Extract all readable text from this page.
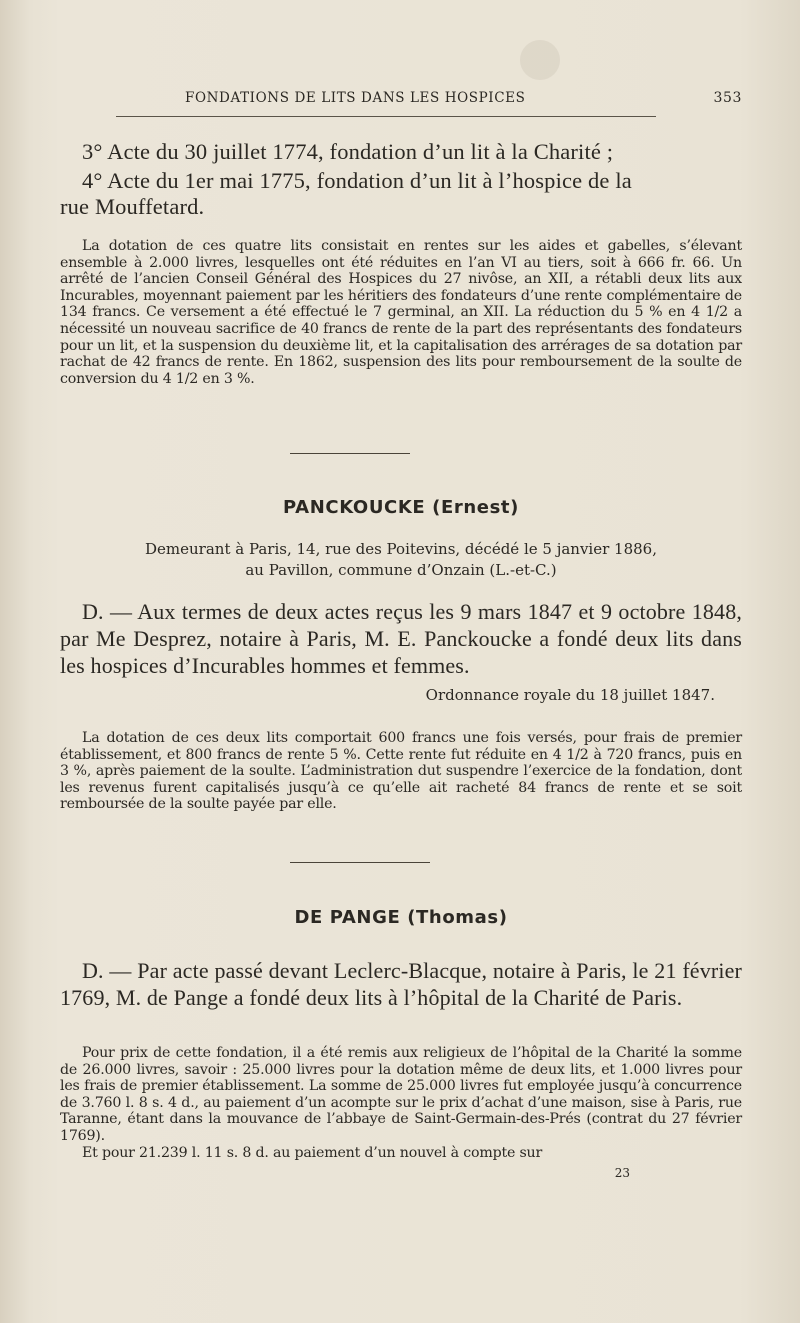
FONDATIONS DE LITS DANS LES HOSPICES	353
3° Acte du 30 juillet 1774, fondation d’un lit à la Charité ;
4° Acte du 1er mai 1775, fondation d’un lit à l’hospice de la
rue Mouffetard.
La dotation de ces quatre lits consistait en rentes sur les aides et gabelles, s’élevant ensemble à 2.000 livres, lesquelles ont été réduites en l’an VI au tiers, soit à 666 fr. 66. Un arrêté de l’ancien Conseil Général des Hospices du 27 nivôse, an XII, a rétabli deux lits aux Incurables, moyennant paiement par les héritiers des fondateurs d’une rente complémentaire de 134 francs. Ce versement a été effectué le 7 germinal, an XII. La réduction du 5 % en 4 1/2 a nécessité un nouveau sacrifice de 40 francs de rente de la part des représentants des fondateurs pour un lit, et la suspension du deuxième lit, et la capitalisation des arrérages de sa dotation par rachat de 42 francs de rente. En 1862, suspension des lits pour remboursement de la soulte de conversion du 4 1/2 en 3 %.
PANCKOUCKE (Ernest)
Demeurant à Paris, 14, rue des Poitevins, décédé le 5 janvier 1886,
au Pavillon, commune d’Onzain (L.-et-C.)
D. — Aux termes de deux actes reçus les 9 mars 1847 et 9 octobre 1848, par Me Desprez, notaire à Paris, M. E. Panckoucke a fondé deux lits dans les hospices d’Incurables hommes et femmes.
Ordonnance royale du 18 juillet 1847.
La dotation de ces deux lits comportait 600 francs une fois versés, pour frais de premier établissement, et 800 francs de rente 5 %. Cette rente fut réduite en 4 1/2 à 720 francs, puis en 3 %, après paiement de la soulte. L’administration dut suspendre l’exercice de la fondation, dont les revenus furent capitalisés jusqu’à ce qu’elle ait racheté 84 francs de rente et se soit remboursée de la soulte payée par elle.
DE PANGE (Thomas)
D. — Par acte passé devant Leclerc-Blacque, notaire à Paris, le 21 février 1769, M. de Pange a fondé deux lits à l’hôpital de la Charité de Paris.
Pour prix de cette fondation, il a été remis aux religieux de l’hôpital de la Charité la somme de 26.000 livres, savoir : 25.000 livres pour la dotation même de deux lits, et 1.000 livres pour les frais de premier établissement. La somme de 25.000 livres fut employée jusqu’à concurrence de 3.760 l. 8 s. 4 d., au paiement d’un acompte sur le prix d’achat d’une maison, sise à Paris, rue Taranne, étant dans la mouvance de l’abbaye de Saint-Germain-des-Prés (contrat du 27 février 1769).
Et pour 21.239 l. 11 s. 8 d. au paiement d’un nouvel à compte sur
23
